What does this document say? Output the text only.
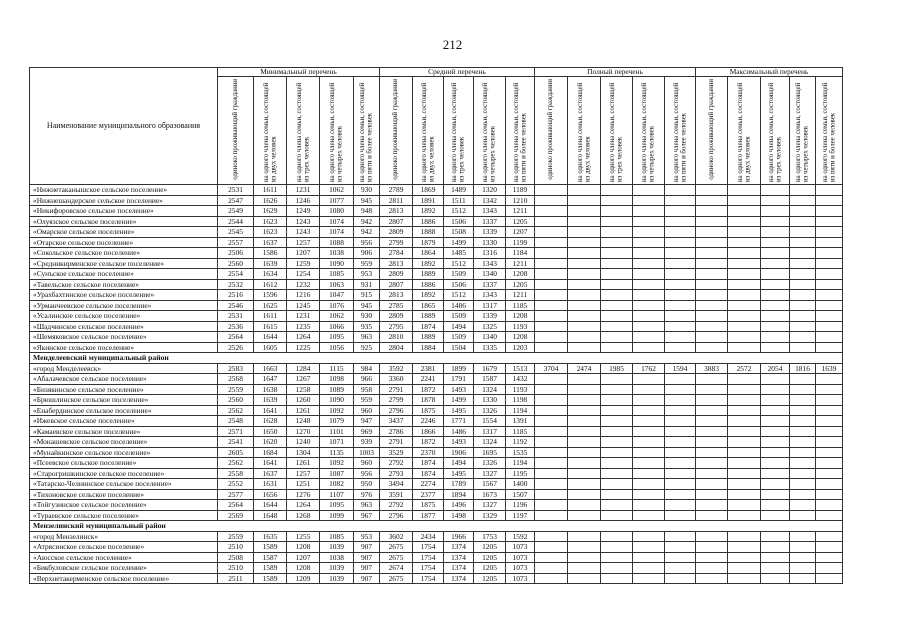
212
Наименование муниципального образования	Минимальный перечень					Средний перечень					Полный перечень					Максимальный перечень				
	одиноко проживающий гражданин	на одного члена семьи, состоящей из двух человек	на одного члена семьи, состоящей из трех человек	на одного члена семьи, состоящей из четырех человек	на одного члена семьи, состоящей из пяти и более человек	одиноко проживающий гражданин	на одного члена семьи, состоящей из двух человек	на одного члена семьи, состоящей из трех человек	на одного члена семьи, состоящей из четырех человек	на одного члена семьи, состоящей из пяти и более человек	одиноко проживающий гражданин	на одного члена семьи, состоящей из двух человек	на одного члена семьи, состоящей из трех человек	на одного члена семьи, состоящей из четырех человек	на одного члена семьи, состоящей из пяти и более человек	одиноко проживающий гражданин	на одного члена семьи, состоящей из двух человек	на одного члена семьи, состоящей из трех человек	на одного члена семьи, состоящей из четырех человек	на одного члена семьи, состоящей из пяти и более человек
«Нижнетаканышское сельское поселение»	2531	1611	1231	1062	930	2789	1869	1489	1320	1189										
«Нижнешандерское сельское поселение»	2547	1626	1246	1077	945	2811	1891	1511	1342	1210										
«Никифоровское сельское поселение»	2549	1629	1249	1080	948	2813	1892	1512	1343	1211										
«Олуязское сельское поселение»	2544	1623	1243	1074	942	2807	1886	1506	1337	1205										
«Омарское сельское поселение»	2545	1623	1243	1074	942	2809	1888	1508	1339	1207										
«Отарское сельское поселение»	2557	1637	1257	1088	956	2799	1879	1499	1330	1199										
«Сокольское сельское поселение»	2506	1586	1207	1038	906	2784	1864	1485	1316	1184										
«Средникирменское сельское поселение»	2560	1639	1259	1090	959	2813	1892	1512	1343	1211										
«Сунъское сельское поселение»	2554	1634	1254	1085	953	2809	1889	1509	1340	1208										
«Тавельское сельское поселение»	2532	1612	1232	1063	931	2807	1886	1506	1337	1205										
«Урахбахтинское сельское поселение»	2516	1596	1216	1047	915	2813	1892	1512	1343	1211										
«Урманчеевское сельское поселение»	2546	1625	1245	1076	945	2785	1865	1486	1317	1185										
«Усалинское сельское поселение»	2531	1611	1231	1062	930	2809	1889	1509	1339	1208										
«Шадчинское сельское поселение»	2536	1615	1235	1066	935	2795	1874	1494	1325	1193										
«Шемяковское сельское поселение»	2564	1644	1264	1095	963	2810	1889	1509	1340	1208										
«Якинское сельское поселение»	2526	1605	1225	1056	925	2804	1884	1504	1335	1203										
Менделеевский муниципальный район																				
«город Менделеевск»	2583	1663	1284	1115	984	3592	2381	1899	1679	1513	3704	2474	1985	1762	1594	3883	2572	2054	1816	1639
«Абалачевское сельское поселение»	2568	1647	1267	1098	966	3360	2241	1791	1587	1432										
«Бизякинское сельское поселение»	2559	1638	1258	1089	958	2791	1872	1493	1324	1193										
«Брюшлинское сельское поселение»	2560	1639	1260	1090	959	2799	1878	1499	1330	1198										
«Енабердинское сельское поселение»	2562	1641	1261	1092	960	2796	1875	1495	1326	1194										
«Ижевское сельское поселение»	2548	1628	1248	1079	947	3437	2246	1771	1554	1391										
«Камаевское сельское поселение»	2571	1650	1270	1101	969	2786	1866	1486	1317	1185										
«Монашевское сельское поселение»	2541	1620	1240	1071	939	2791	1872	1493	1324	1192										
«Мунайкинское сельское поселение»	2605	1684	1304	1135	1003	3529	2370	1906	1695	1535										
«Псеевское сельское поселение»	2562	1641	1261	1092	960	2792	1874	1494	1326	1194										
«Старогришкинское сельское поселение»	2558	1637	1257	1087	956	2793	1874	1495	1327	1195										
«Татарско-Челнинское сельское поселение»	2552	1631	1251	1082	950	3494	2274	1789	1567	1400										
«Тихоновское сельское поселение»	2577	1656	1276	1107	976	3591	2377	1894	1673	1507										
«Тойгузинское сельское поселение»	2564	1644	1264	1095	963	2792	1875	1496	1327	1196										
«Тураевское сельское поселение»	2569	1648	1268	1099	967	2796	1877	1498	1329	1197										
Мензелинский муниципальный район																				
«город Мензелинск»	2559	1635	1255	1085	953	3602	2434	1966	1753	1592										
«Атрясинское сельское поселение»	2510	1589	1208	1039	907	2675	1754	1374	1205	1073										
«Аюсское сельское поселение»	2508	1587	1207	1038	907	2675	1754	1374	1205	1073										
«Бикбуловское сельское поселение»	2510	1589	1208	1039	907	2674	1754	1374	1205	1073										
«Верхнетакерменское сельское поселение»	2511	1589	1209	1039	907	2675	1754	1374	1205	1073										
